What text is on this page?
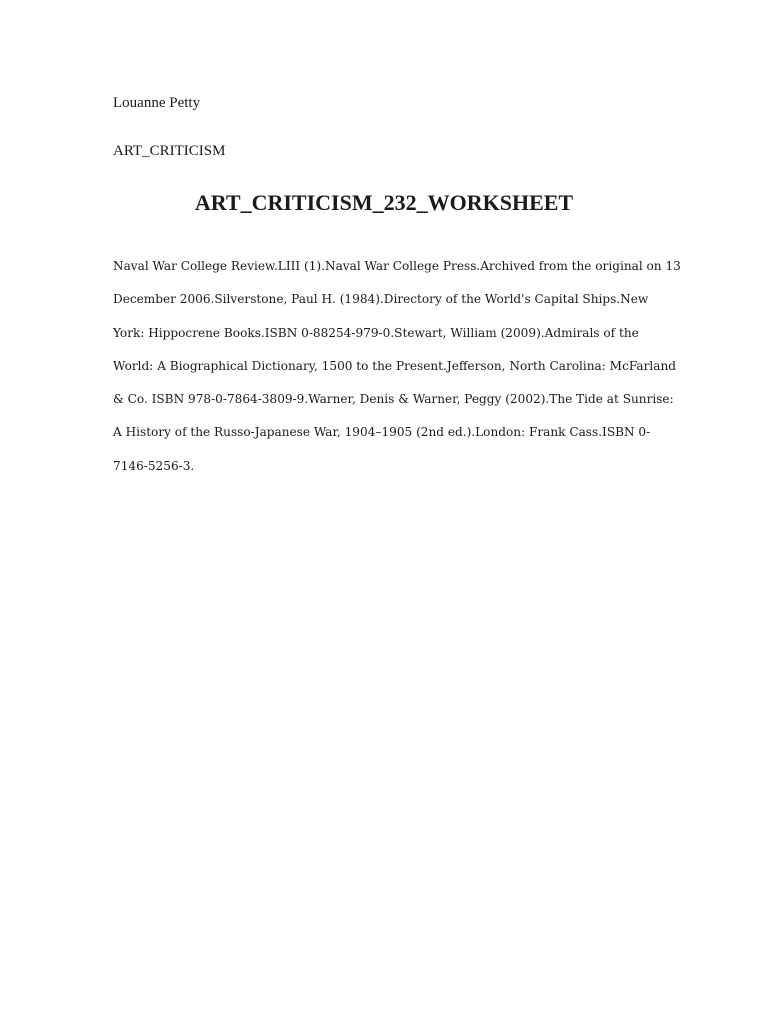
Louanne Petty
ART_CRITICISM
ART_CRITICISM_232_WORKSHEET
Naval War College Review.LIII (1).Naval War College Press.Archived from the original on 13
December 2006.Silverstone, Paul H. (1984).Directory of the World's Capital Ships.New
York: Hippocrene Books.ISBN 0-88254-979-0.Stewart, William (2009).Admirals of the
World: A Biographical Dictionary, 1500 to the Present.Jefferson, North Carolina: McFarland
& Co. ISBN 978-0-7864-3809-9.Warner, Denis & Warner, Peggy (2002).The Tide at Sunrise:
A History of the Russo-Japanese War, 1904–1905 (2nd ed.).London: Frank Cass.ISBN 0-
7146-5256-3.
